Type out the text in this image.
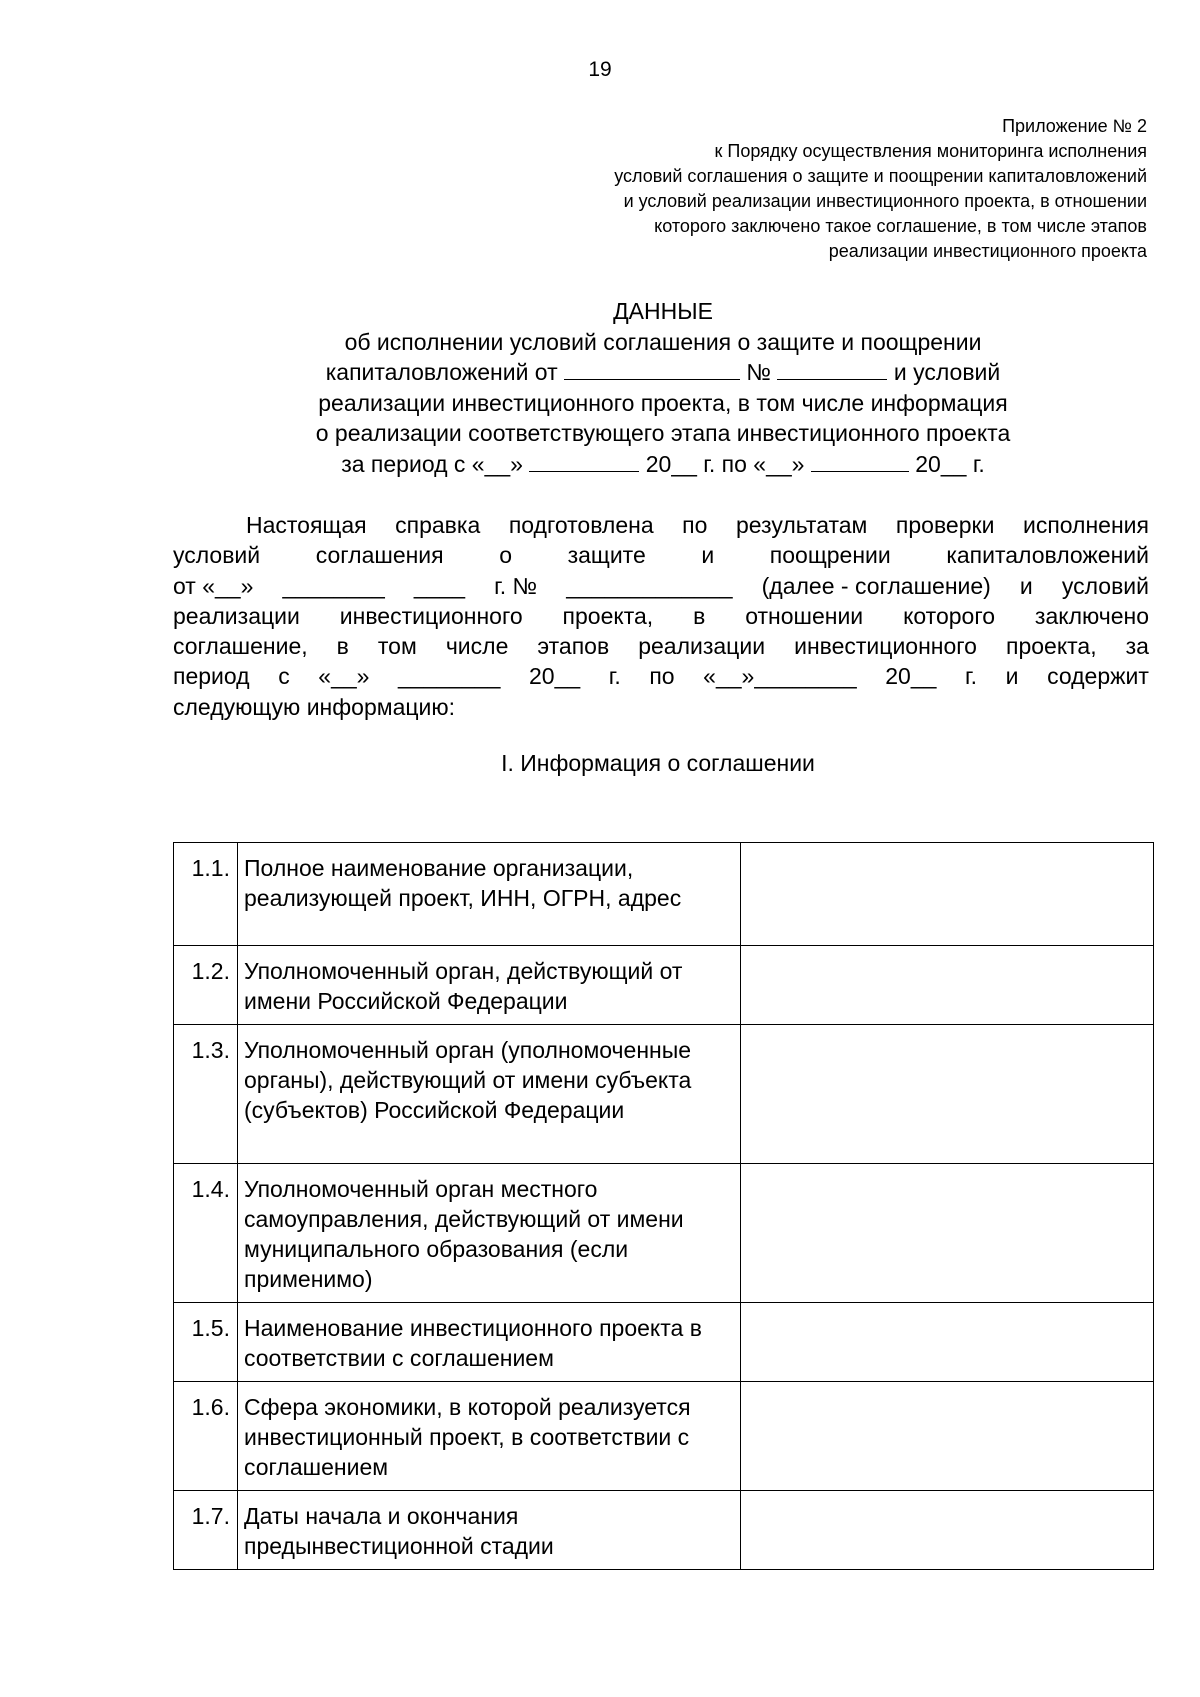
19
Приложение № 2
к Порядку осуществления мониторинга исполнения
условий соглашения о защите и поощрении капиталовложений
и условий реализации инвестиционного проекта, в отношении
которого заключено такое соглашение, в том числе этапов
реализации инвестиционного проекта
ДАННЫЕ
об исполнении условий соглашения о защите и поощрении
капиталовложений от	№	и условий
реализации инвестиционного проекта, в том числе информация
о реализации соответствующего этапа инвестиционного проекта
за период с «__»	20__ г. по «__»	20__ г.
Настоящая справка подготовлена по результатам проверки исполнения
условий соглашения о защите и поощрении капиталовложений
от «__» ________ ____ г. № _____________ (далее - соглашение) и условий
реализации инвестиционного проекта, в отношении которого заключено
соглашение, в том числе этапов реализации инвестиционного проекта, за
период с «__» ________ 20__ г. по «__»________ 20__ г. и содержит
следующую информацию:
I. Информация о соглашении
1.1.	Полное наименование организации, реализующей проект, ИНН, ОГРН, адрес	
1.2.	Уполномоченный орган, действующий от имени Российской Федерации	
1.3.	Уполномоченный орган (уполномоченные органы), действующий от имени субъекта (субъектов) Российской Федерации	
1.4.	Уполномоченный орган местного самоуправления, действующий от имени муниципального образования (если применимо)	
1.5.	Наименование инвестиционного проекта в соответствии с соглашением	
1.6.	Сфера экономики, в которой реализуется инвестиционный проект, в соответствии с соглашением	
1.7.	Даты начала и окончания предынвестиционной стадии	
